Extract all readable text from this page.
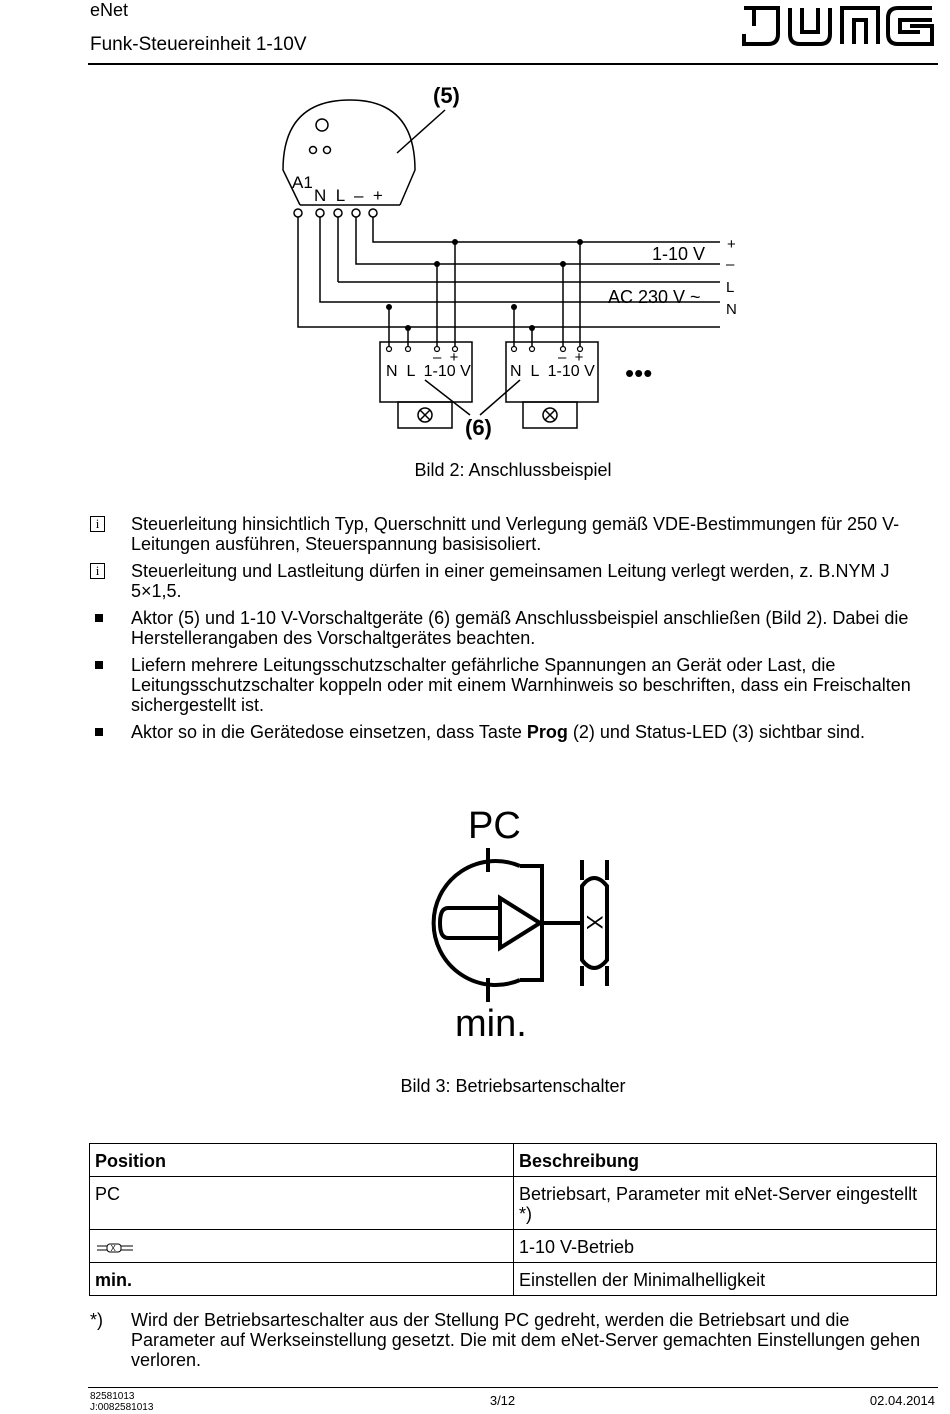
eNet
Funk-Steuereinheit 1-10V
(5)
A1
N  L  –  +
1-10 V
AC 230 V ~
+
–
L
N
N  L  1-10 V
–  +
N  L  1-10 V
–  +
•••
(6)
Bild 2: Anschlussbeispiel
i	Steuerleitung hinsichtlich Typ, Querschnitt und Verlegung gemäß VDE-Bestimmungen für 250 V-Leitungen ausführen, Steuerspannung basisisoliert.
i	Steuerleitung und Lastleitung dürfen in einer gemeinsamen Leitung verlegt werden, z. B.NYM J 5×1,5.
Aktor (5) und 1-10 V-Vorschaltgeräte (6) gemäß Anschlussbeispiel anschließen (Bild 2). Dabei die Herstellerangaben des Vorschaltgerätes beachten.
Liefern mehrere Leitungsschutzschalter gefährliche Spannungen an Gerät oder Last, die Leitungsschutzschalter koppeln oder mit einem Warnhinweis so beschriften, dass ein Freischalten sichergestellt ist.
Aktor so in die Gerätedose einsetzen, dass Taste Prog (2) und Status-LED (3) sichtbar sind.
PC
min.
X
Bild 3: Betriebsartenschalter
Position	Beschreibung
PC	Betriebsart, Parameter mit eNet-Server eingestellt *)

X	1-10 V-Betrieb
min.	Einstellen der Minimalhelligkeit
*)	Wird der Betriebsarteschalter aus der Stellung PC gedreht, werden die Betriebsart und die Parameter auf Werkseinstellung gesetzt. Die mit dem eNet-Server gemachten Einstellungen gehen verloren.
82581013
J:0082581013	3/12	02.04.2014
